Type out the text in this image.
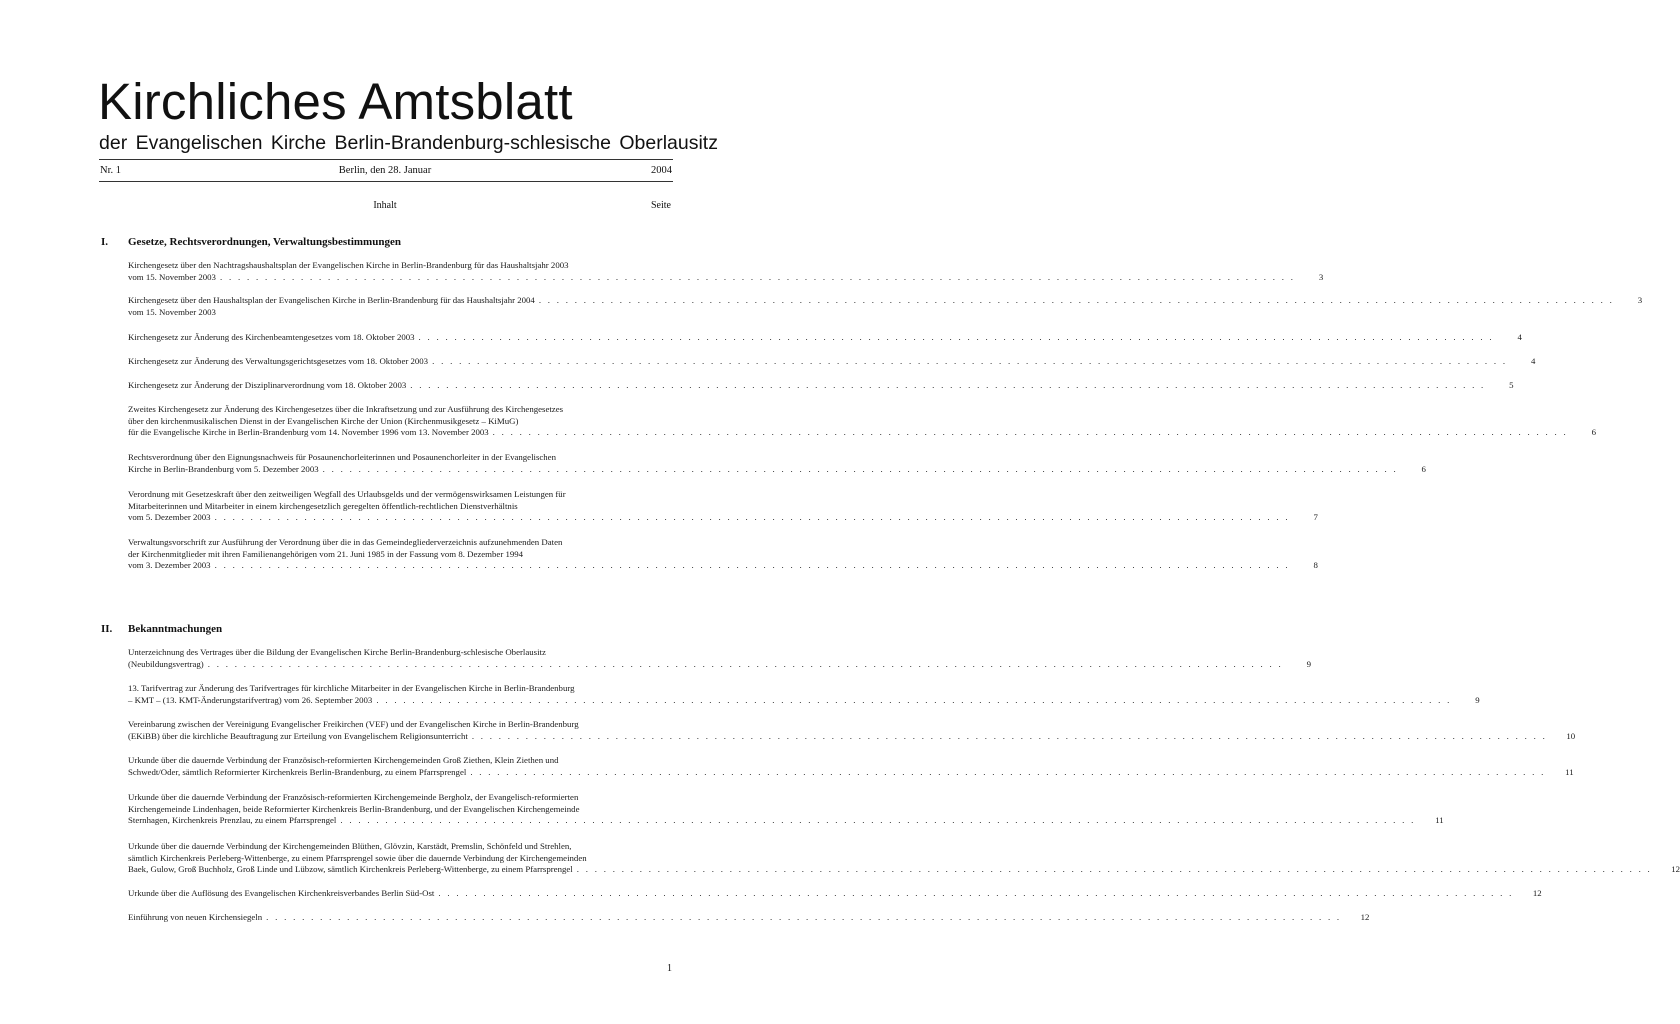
Kirchliches Amtsblatt
der Evangelischen Kirche Berlin-Brandenburg-schlesische Oberlausitz
Nr. 1	Berlin, den 28. Januar	2004
Inhalt	Seite
I.	Gesetze, Rechtsverordnungen, Verwaltungsbestimmungen
Kirchengesetz über den Nachtragshaushaltsplan der Evangelischen Kirche in Berlin-Brandenburg für das Haushaltsjahr 2003
vom 15. November 2003 . . . . . . . . . . . . . . . . . . . . . . . . . . . . . . . . . . . . . . . . . . . . . . . . . . . . . . . . . . . . . . . . . . . . . . . . . . . . . . . . . . . . . . . . . . . . . . . . . . . . . . . . . . . . . . . . . . . . . . . .	3
Kirchengesetz über den Haushaltsplan der Evangelischen Kirche in Berlin-Brandenburg für das Haushaltsjahr 2004 . . . . . . . . . . . . . . . . . . . . . . . . . . . . . . . . . . . . . . . . . . . . . . . . . . . . . . . . . . . . . . . . . . . . . . . . . . . . . . . . . . . . . . . . . . . . . . . . . . . . . . . . . . . . . . . . . . . . . . . .	3
vom 15. November 2003
Kirchengesetz zur Änderung des Kirchenbeamtengesetzes vom 18. Oktober 2003 . . . . . . . . . . . . . . . . . . . . . . . . . . . . . . . . . . . . . . . . . . . . . . . . . . . . . . . . . . . . . . . . . . . . . . . . . . . . . . . . . . . . . . . . . . . . . . . . . . . . . . . . . . . . . . . . . . . . . . . .	4
Kirchengesetz zur Änderung des Verwaltungsgerichtsgesetzes vom 18. Oktober 2003 . . . . . . . . . . . . . . . . . . . . . . . . . . . . . . . . . . . . . . . . . . . . . . . . . . . . . . . . . . . . . . . . . . . . . . . . . . . . . . . . . . . . . . . . . . . . . . . . . . . . . . . . . . . . . . . . . . . . . . . .	4
Kirchengesetz zur Änderung der Disziplinarverordnung vom 18. Oktober 2003 . . . . . . . . . . . . . . . . . . . . . . . . . . . . . . . . . . . . . . . . . . . . . . . . . . . . . . . . . . . . . . . . . . . . . . . . . . . . . . . . . . . . . . . . . . . . . . . . . . . . . . . . . . . . . . . . . . . . . . . .	5
Zweites Kirchengesetz zur Änderung des Kirchengesetzes über die Inkraftsetzung und zur Ausführung des Kirchengesetzes
über den kirchenmusikalischen Dienst in der Evangelischen Kirche der Union (Kirchenmusikgesetz – KiMuG)
für die Evangelische Kirche in Berlin-Brandenburg vom 14. November 1996 vom 13. November 2003 . . . . . . . . . . . . . . . . . . . . . . . . . . . . . . . . . . . . . . . . . . . . . . . . . . . . . . . . . . . . . . . . . . . . . . . . . . . . . . . . . . . . . . . . . . . . . . . . . . . . . . . . . . . . . . . . . . . . . . . .	6
Rechtsverordnung über den Eignungsnachweis für Posaunenchorleiterinnen und Posaunenchorleiter in der Evangelischen
Kirche in Berlin-Brandenburg vom 5. Dezember 2003 . . . . . . . . . . . . . . . . . . . . . . . . . . . . . . . . . . . . . . . . . . . . . . . . . . . . . . . . . . . . . . . . . . . . . . . . . . . . . . . . . . . . . . . . . . . . . . . . . . . . . . . . . . . . . . . . . . . . . . . .	6
Verordnung mit Gesetzeskraft über den zeitweiligen Wegfall des Urlaubsgelds und der vermögenswirksamen Leistungen für
Mitarbeiterinnen und Mitarbeiter in einem kirchengesetzlich geregelten öffentlich-rechtlichen Dienstverhältnis
vom 5. Dezember 2003 . . . . . . . . . . . . . . . . . . . . . . . . . . . . . . . . . . . . . . . . . . . . . . . . . . . . . . . . . . . . . . . . . . . . . . . . . . . . . . . . . . . . . . . . . . . . . . . . . . . . . . . . . . . . . . . . . . . . . . . .	7
Verwaltungsvorschrift zur Ausführung der Verordnung über die in das Gemeindegliederverzeichnis aufzunehmenden Daten
der Kirchenmitglieder mit ihren Familienangehörigen vom 21. Juni 1985 in der Fassung vom 8. Dezember 1994
vom 3. Dezember 2003 . . . . . . . . . . . . . . . . . . . . . . . . . . . . . . . . . . . . . . . . . . . . . . . . . . . . . . . . . . . . . . . . . . . . . . . . . . . . . . . . . . . . . . . . . . . . . . . . . . . . . . . . . . . . . . . . . . . . . . . .	8
II.	Bekanntmachungen
Unterzeichnung des Vertrages über die Bildung der Evangelischen Kirche Berlin-Brandenburg-schlesische Oberlausitz
(Neubildungsvertrag) . . . . . . . . . . . . . . . . . . . . . . . . . . . . . . . . . . . . . . . . . . . . . . . . . . . . . . . . . . . . . . . . . . . . . . . . . . . . . . . . . . . . . . . . . . . . . . . . . . . . . . . . . . . . . . . . . . . . . . . .	9
13. Tarifvertrag zur Änderung des Tarifvertrages für kirchliche Mitarbeiter in der Evangelischen Kirche in Berlin-Brandenburg
– KMT – (13. KMT-Änderungstarifvertrag) vom 26. September 2003 . . . . . . . . . . . . . . . . . . . . . . . . . . . . . . . . . . . . . . . . . . . . . . . . . . . . . . . . . . . . . . . . . . . . . . . . . . . . . . . . . . . . . . . . . . . . . . . . . . . . . . . . . . . . . . . . . . . . . . . .	9
Vereinbarung zwischen der Vereinigung Evangelischer Freikirchen (VEF) und der Evangelischen Kirche in Berlin-Brandenburg
(EKiBB) über die kirchliche Beauftragung zur Erteilung von Evangelischem Religionsunterricht . . . . . . . . . . . . . . . . . . . . . . . . . . . . . . . . . . . . . . . . . . . . . . . . . . . . . . . . . . . . . . . . . . . . . . . . . . . . . . . . . . . . . . . . . . . . . . . . . . . . . . . . . . . . . . . . . . . . . . . .	10
Urkunde über die dauernde Verbindung der Französisch-reformierten Kirchengemeinden Groß Ziethen, Klein Ziethen und
Schwedt/Oder, sämtlich Reformierter Kirchenkreis Berlin-Brandenburg, zu einem Pfarrsprengel . . . . . . . . . . . . . . . . . . . . . . . . . . . . . . . . . . . . . . . . . . . . . . . . . . . . . . . . . . . . . . . . . . . . . . . . . . . . . . . . . . . . . . . . . . . . . . . . . . . . . . . . . . . . . . . . . . . . . . . .	11
Urkunde über die dauernde Verbindung der Französisch-reformierten Kirchengemeinde Bergholz, der Evangelisch-reformierten
Kirchengemeinde Lindenhagen, beide Reformierter Kirchenkreis Berlin-Brandenburg, und der Evangelischen Kirchengemeinde
Sternhagen, Kirchenkreis Prenzlau, zu einem Pfarrsprengel . . . . . . . . . . . . . . . . . . . . . . . . . . . . . . . . . . . . . . . . . . . . . . . . . . . . . . . . . . . . . . . . . . . . . . . . . . . . . . . . . . . . . . . . . . . . . . . . . . . . . . . . . . . . . . . . . . . . . . . .	11
Urkunde über die dauernde Verbindung der Kirchengemeinden Blüthen, Glövzin, Karstädt, Premslin, Schönfeld und Strehlen,
sämtlich Kirchenkreis Perleberg-Wittenberge, zu einem Pfarrsprengel sowie über die dauernde Verbindung der Kirchengemeinden
Baek, Gulow, Groß Buchholz, Groß Linde und Lübzow, sämtlich Kirchenkreis Perleberg-Wittenberge, zu einem Pfarrsprengel . . . . . . . . . . . . . . . . . . . . . . . . . . . . . . . . . . . . . . . . . . . . . . . . . . . . . . . . . . . . . . . . . . . . . . . . . . . . . . . . . . . . . . . . . . . . . . . . . . . . . . . . . . . . . . . . . . . . . . . .	12
Urkunde über die Auflösung des Evangelischen Kirchenkreisverbandes Berlin Süd-Ost . . . . . . . . . . . . . . . . . . . . . . . . . . . . . . . . . . . . . . . . . . . . . . . . . . . . . . . . . . . . . . . . . . . . . . . . . . . . . . . . . . . . . . . . . . . . . . . . . . . . . . . . . . . . . . . . . . . . . . . .	12
Einführung von neuen Kirchensiegeln . . . . . . . . . . . . . . . . . . . . . . . . . . . . . . . . . . . . . . . . . . . . . . . . . . . . . . . . . . . . . . . . . . . . . . . . . . . . . . . . . . . . . . . . . . . . . . . . . . . . . . . . . . . . . . . . . . . . . . . .	12
1
